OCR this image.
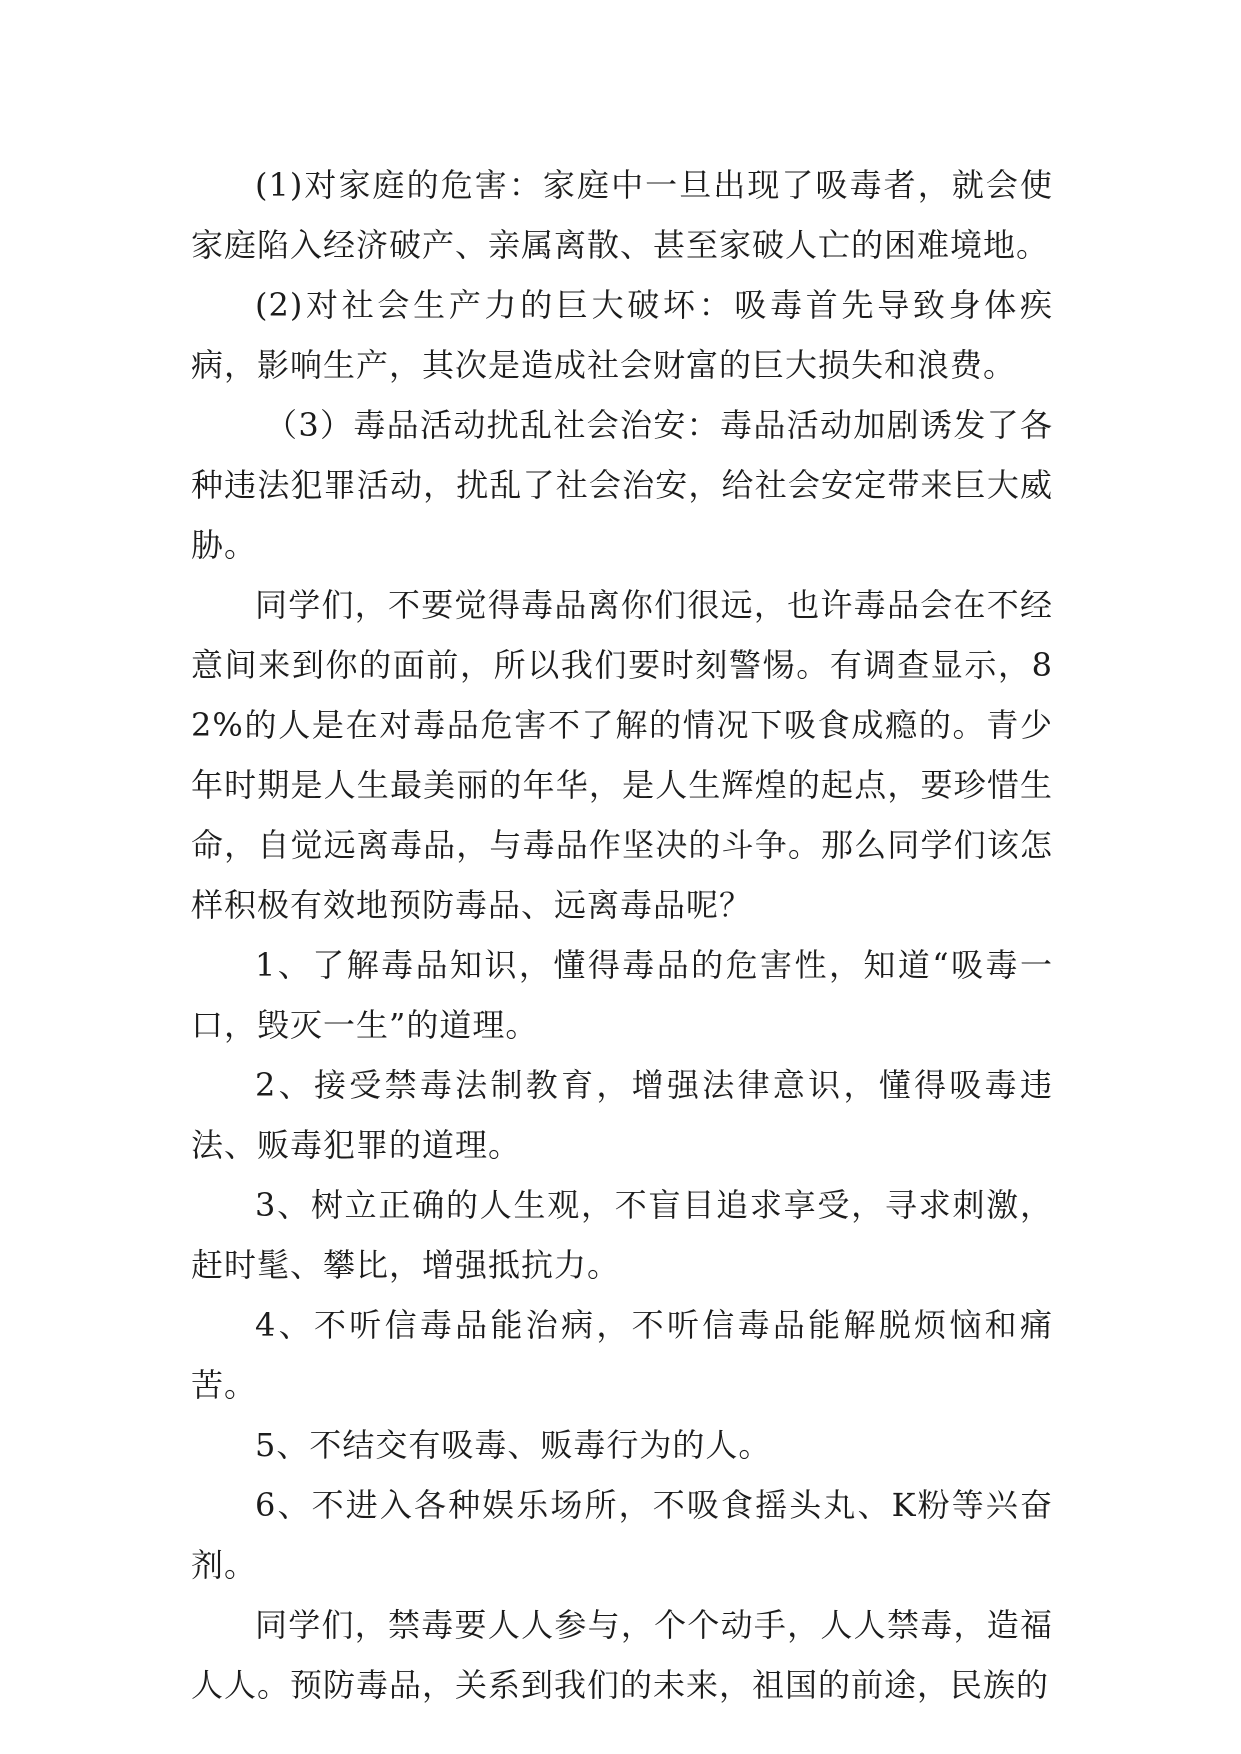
(1)对家庭的危害：家庭中一旦出现了吸毒者，就会使家庭陷入经济破产、亲属离散、甚至家破人亡的困难境地。

(2)对社会生产力的巨大破坏：吸毒首先导致身体疾病，影响生产，其次是造成社会财富的巨大损失和浪费。

（3）毒品活动扰乱社会治安：毒品活动加剧诱发了各种违法犯罪活动，扰乱了社会治安，给社会安定带来巨大威胁。

同学们，不要觉得毒品离你们很远，也许毒品会在不经意间来到你的面前，所以我们要时刻警惕。有调查显示，82%的人是在对毒品危害不了解的情况下吸食成瘾的。青少年时期是人生最美丽的年华，是人生辉煌的起点，要珍惜生命，自觉远离毒品，与毒品作坚决的斗争。那么同学们该怎样积极有效地预防毒品、远离毒品呢？

1、了解毒品知识，懂得毒品的危害性，知道“吸毒一口，毁灭一生”的道理。

2、接受禁毒法制教育，增强法律意识，懂得吸毒违法、贩毒犯罪的道理。

3、树立正确的人生观，不盲目追求享受，寻求刺激，赶时髦、攀比，增强抵抗力。

4、不听信毒品能治病，不听信毒品能解脱烦恼和痛苦。

5、不结交有吸毒、贩毒行为的人。

6、不进入各种娱乐场所，不吸食摇头丸、K粉等兴奋剂。

同学们，禁毒要人人参与，个个动手，人人禁毒，造福人人。预防毒品，关系到我们的未来，祖国的前途，民族的
